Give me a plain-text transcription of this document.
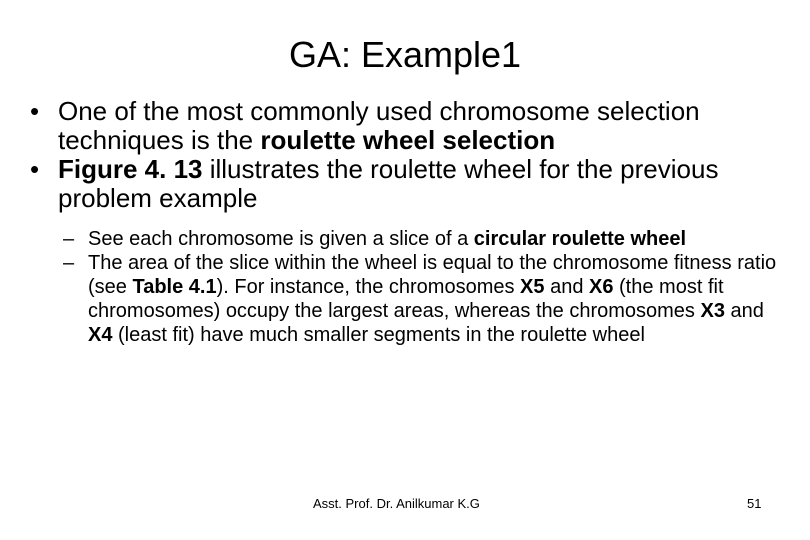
GA: Example1
• One of the most commonly used chromosome selection techniques is the roulette wheel selection
• Figure 4. 13 illustrates the roulette wheel for the previous problem example
– See each chromosome is given a slice of a circular roulette wheel
– The area of the slice within the wheel is equal to the chromosome fitness ratio (see Table 4.1). For instance, the chromosomes X5 and X6 (the most fit chromosomes) occupy the largest areas, whereas the chromosomes X3 and X4 (least fit) have much smaller segments in the roulette wheel
Asst. Prof. Dr. Anilkumar K.G	51
